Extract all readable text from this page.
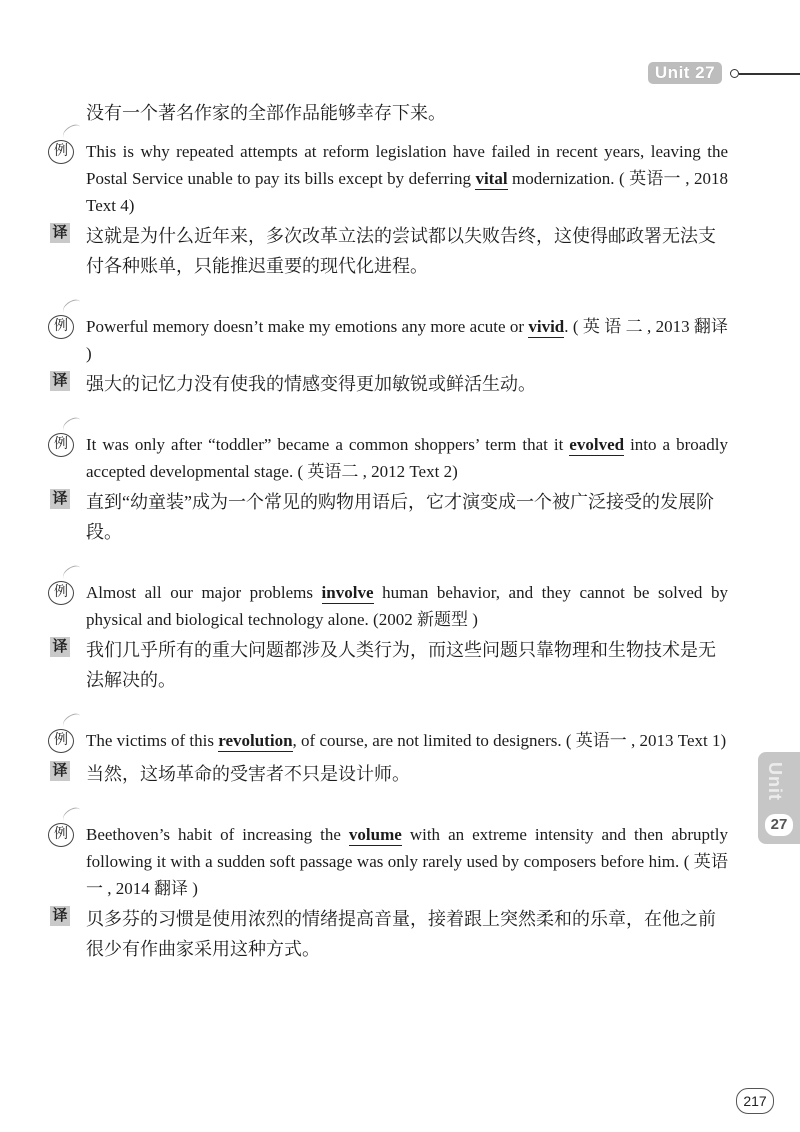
Unit 27
Unit
27
没有一个著名作家的全部作品能够幸存下来。
例	This is why repeated attempts at reform legislation have failed in recent years, leaving the Postal Service unable to pay its bills except by deferring vital modernization. ( 英语一 , 2018 Text 4)
译 这就是为什么近年来，多次改革立法的尝试都以失败告终，这使得邮政署无法支付各种账单，只能推迟重要的现代化进程。
例	Powerful memory doesn’t make my emotions any more acute or vivid. ( 英 语 二 , 2013 翻译 )
译 强大的记忆力没有使我的情感变得更加敏锐或鲜活生动。
例	It was only after “toddler” became a common shoppers’ term that it evolved into a broadly accepted developmental stage. ( 英语二 , 2012 Text 2)
译 直到“幼童装”成为一个常见的购物用语后，它才演变成一个被广泛接受的发展阶段。
例	Almost all our major problems involve human behavior, and they cannot be solved by physical and biological technology alone. (2002 新题型 )
译 我们几乎所有的重大问题都涉及人类行为，而这些问题只靠物理和生物技术是无法解决的。
例	The victims of this revolution, of course, are not limited to designers. ( 英语一 , 2013 Text 1)
译 当然，这场革命的受害者不只是设计师。
例	Beethoven’s habit of increasing the volume with an extreme intensity and then abruptly following it with a sudden soft passage was only rarely used by composers before him. ( 英语一 , 2014 翻译 )
译 贝多芬的习惯是使用浓烈的情绪提高音量，接着跟上突然柔和的乐章，在他之前很少有作曲家采用这种方式。
217
